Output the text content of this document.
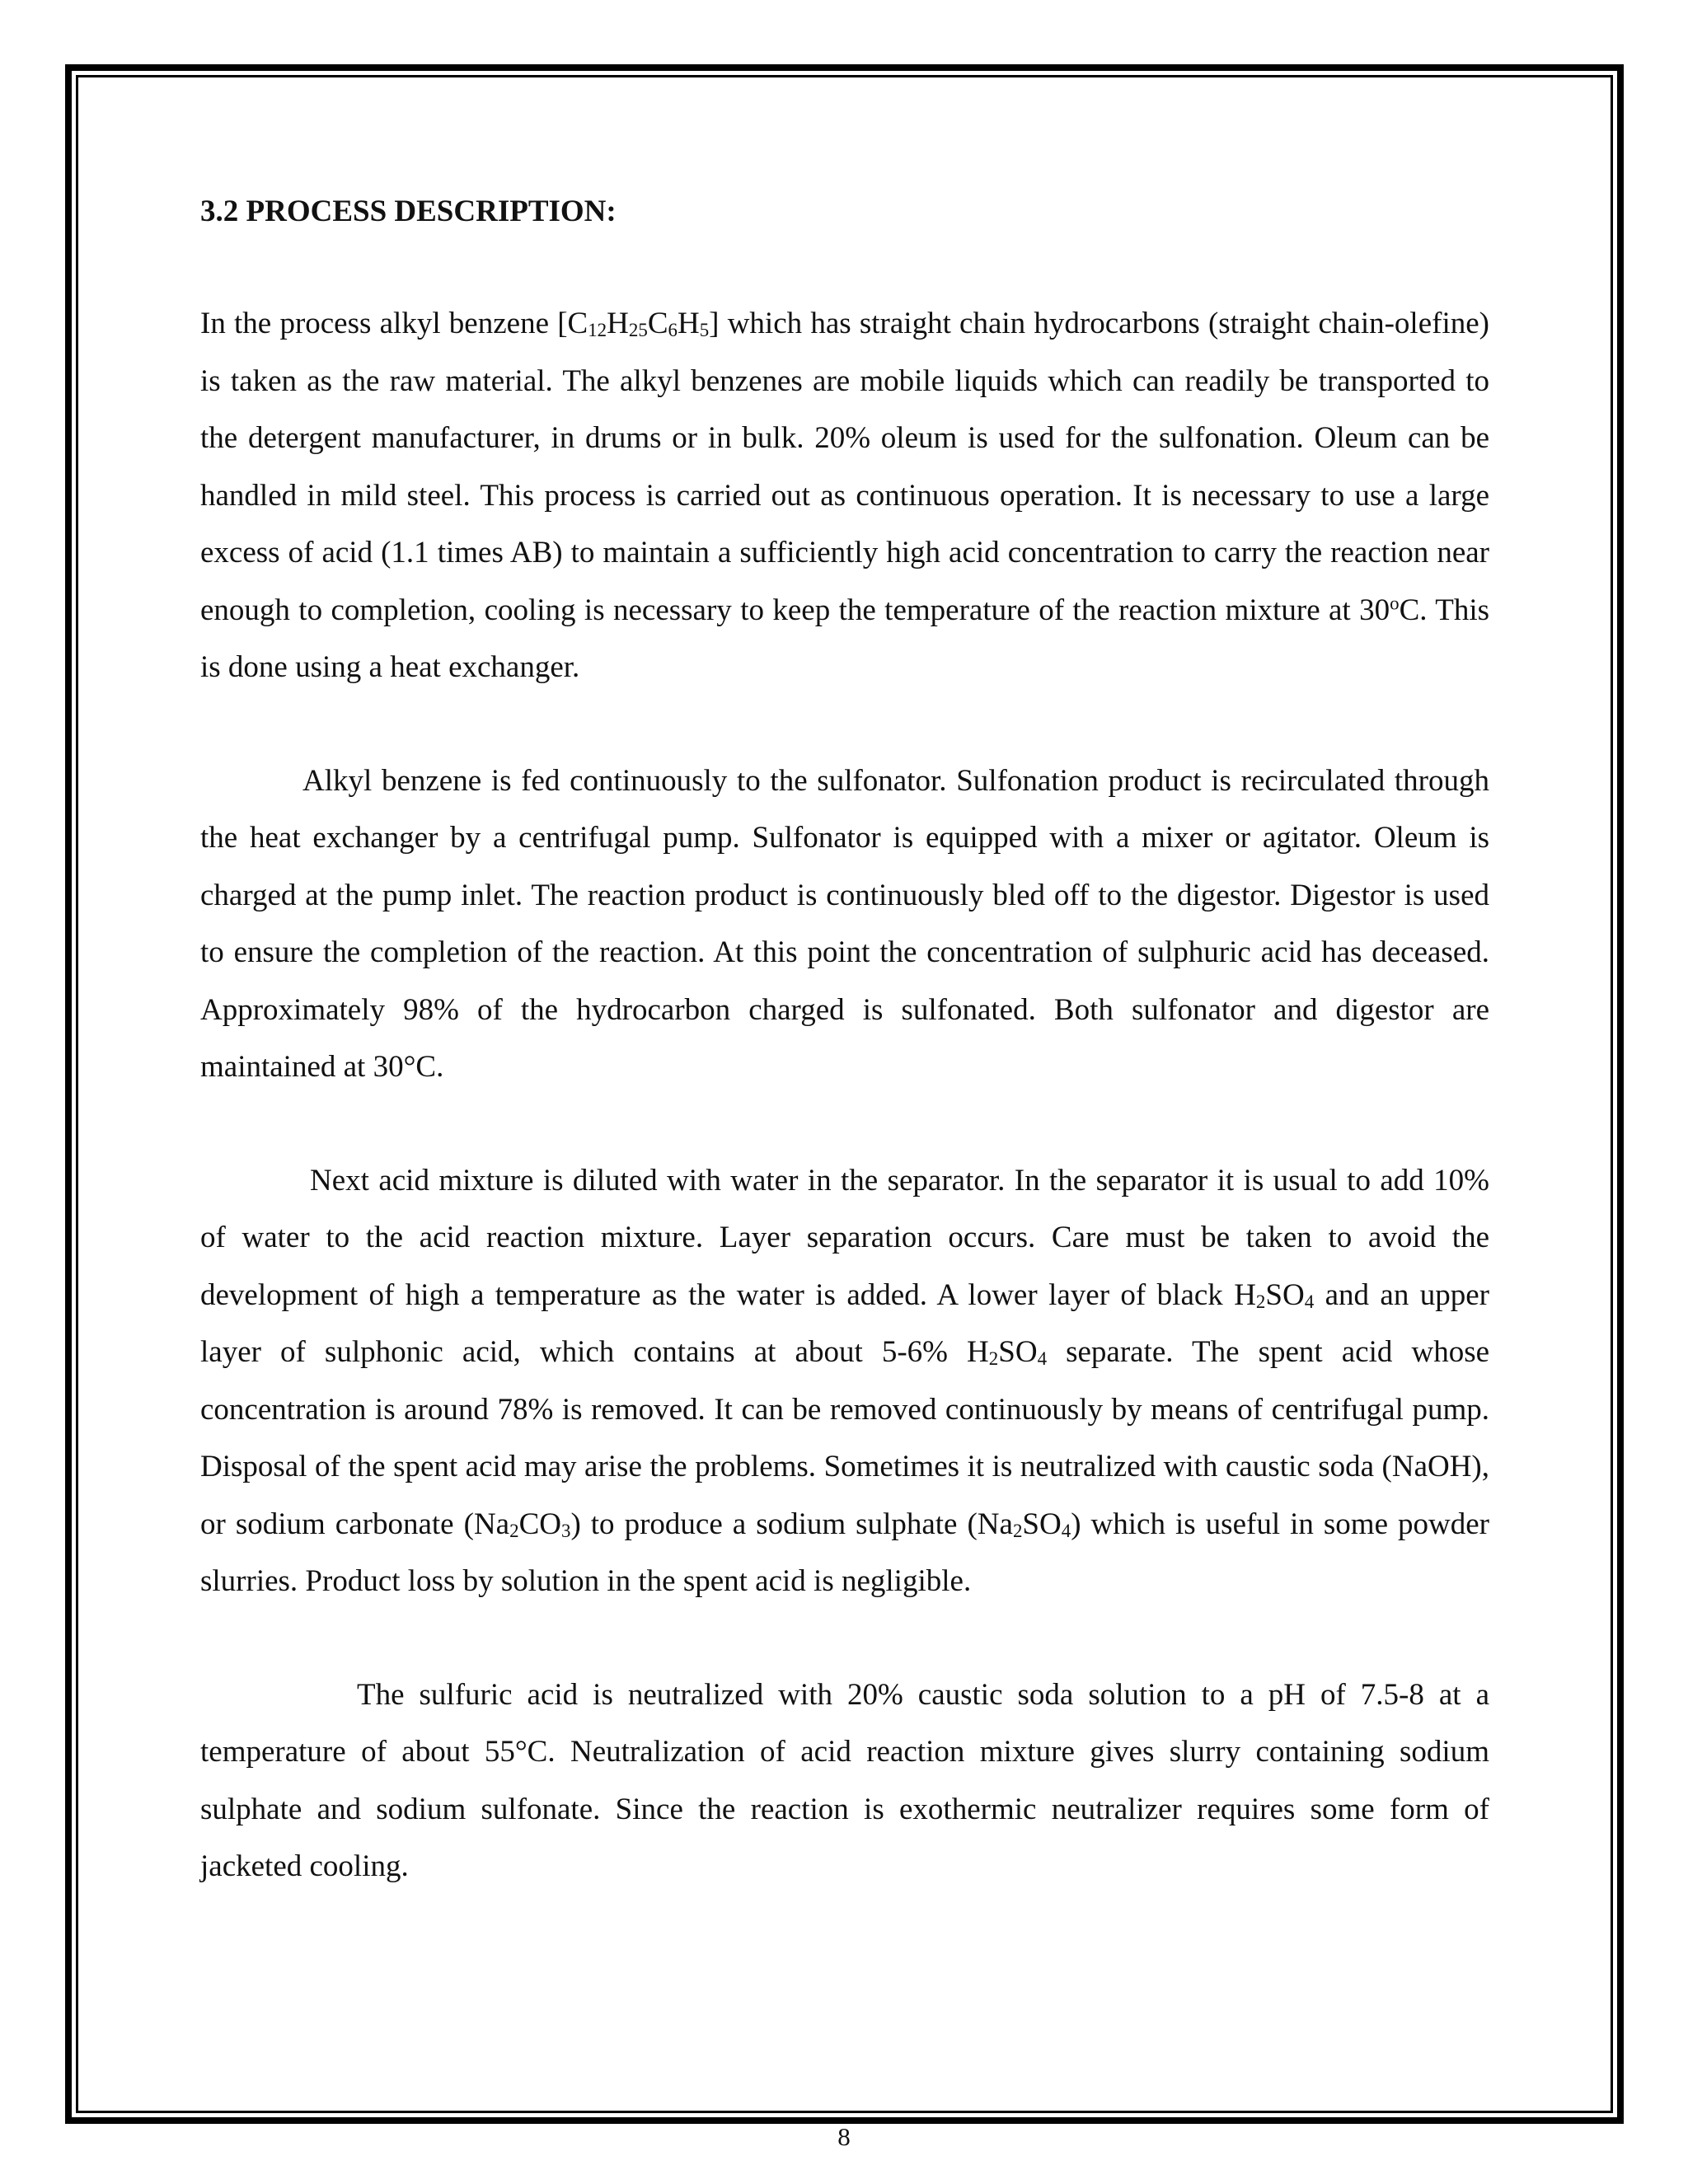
3.2 PROCESS DESCRIPTION:

In the process alkyl benzene $[C_{12}H_{25}C_6H_5]$ which has straight chain hydrocarbons (straight chain-olefine) is taken as the raw material. The alkyl benzenes are mobile liquids which can readily be transported to the detergent manufacturer, in drums or in bulk. 20% oleum is used for the sulfonation. Oleum can be handled in mild steel. This process is carried out as continuous operation. It is necessary to use a large excess of acid (1.1 times AB) to maintain a sufficiently high acid concentration to carry the reaction near enough to completion, cooling is necessary to keep the temperature of the reaction mixture at 30$^o$C. This is done using a heat exchanger.

Alkyl benzene is fed continuously to the sulfonator. Sulfonation product is recirculated through the heat exchanger by a centrifugal pump. Sulfonator is equipped with a mixer or agitator. Oleum is charged at the pump inlet. The reaction product is continuously bled off to the digestor. Digestor is used to ensure the completion of the reaction. At this point the concentration of sulphuric acid has deceased. Approximately 98% of the hydrocarbon charged is sulfonated. Both sulfonator and digestor are maintained at 30°C.

Next acid mixture is diluted with water in the separator. In the separator it is usual to add 10% of water to the acid reaction mixture. Layer separation occurs. Care must be taken to avoid the development of high a temperature as the water is added. A lower layer of black $H_2SO_4$ and an upper layer of sulphonic acid, which contains at about 5-6% $H_2SO_4$ separate. The spent acid whose concentration is around 78% is removed. It can be removed continuously by means of centrifugal pump. Disposal of the spent acid may arise the problems. Sometimes it is neutralized with caustic soda (NaOH), or sodium carbonate $(Na_2CO_3)$ to produce a sodium sulphate $(Na_2SO_4)$ which is useful in some powder slurries. Product loss by solution in the spent acid is negligible.

The sulfuric acid is neutralized with 20% caustic soda solution to a pH of 7.5-8 at a temperature of about 55°C. Neutralization of acid reaction mixture gives slurry containing sodium sulphate and sodium sulfonate. Since the reaction is exothermic neutralizer requires some form of jacketed cooling.

8
